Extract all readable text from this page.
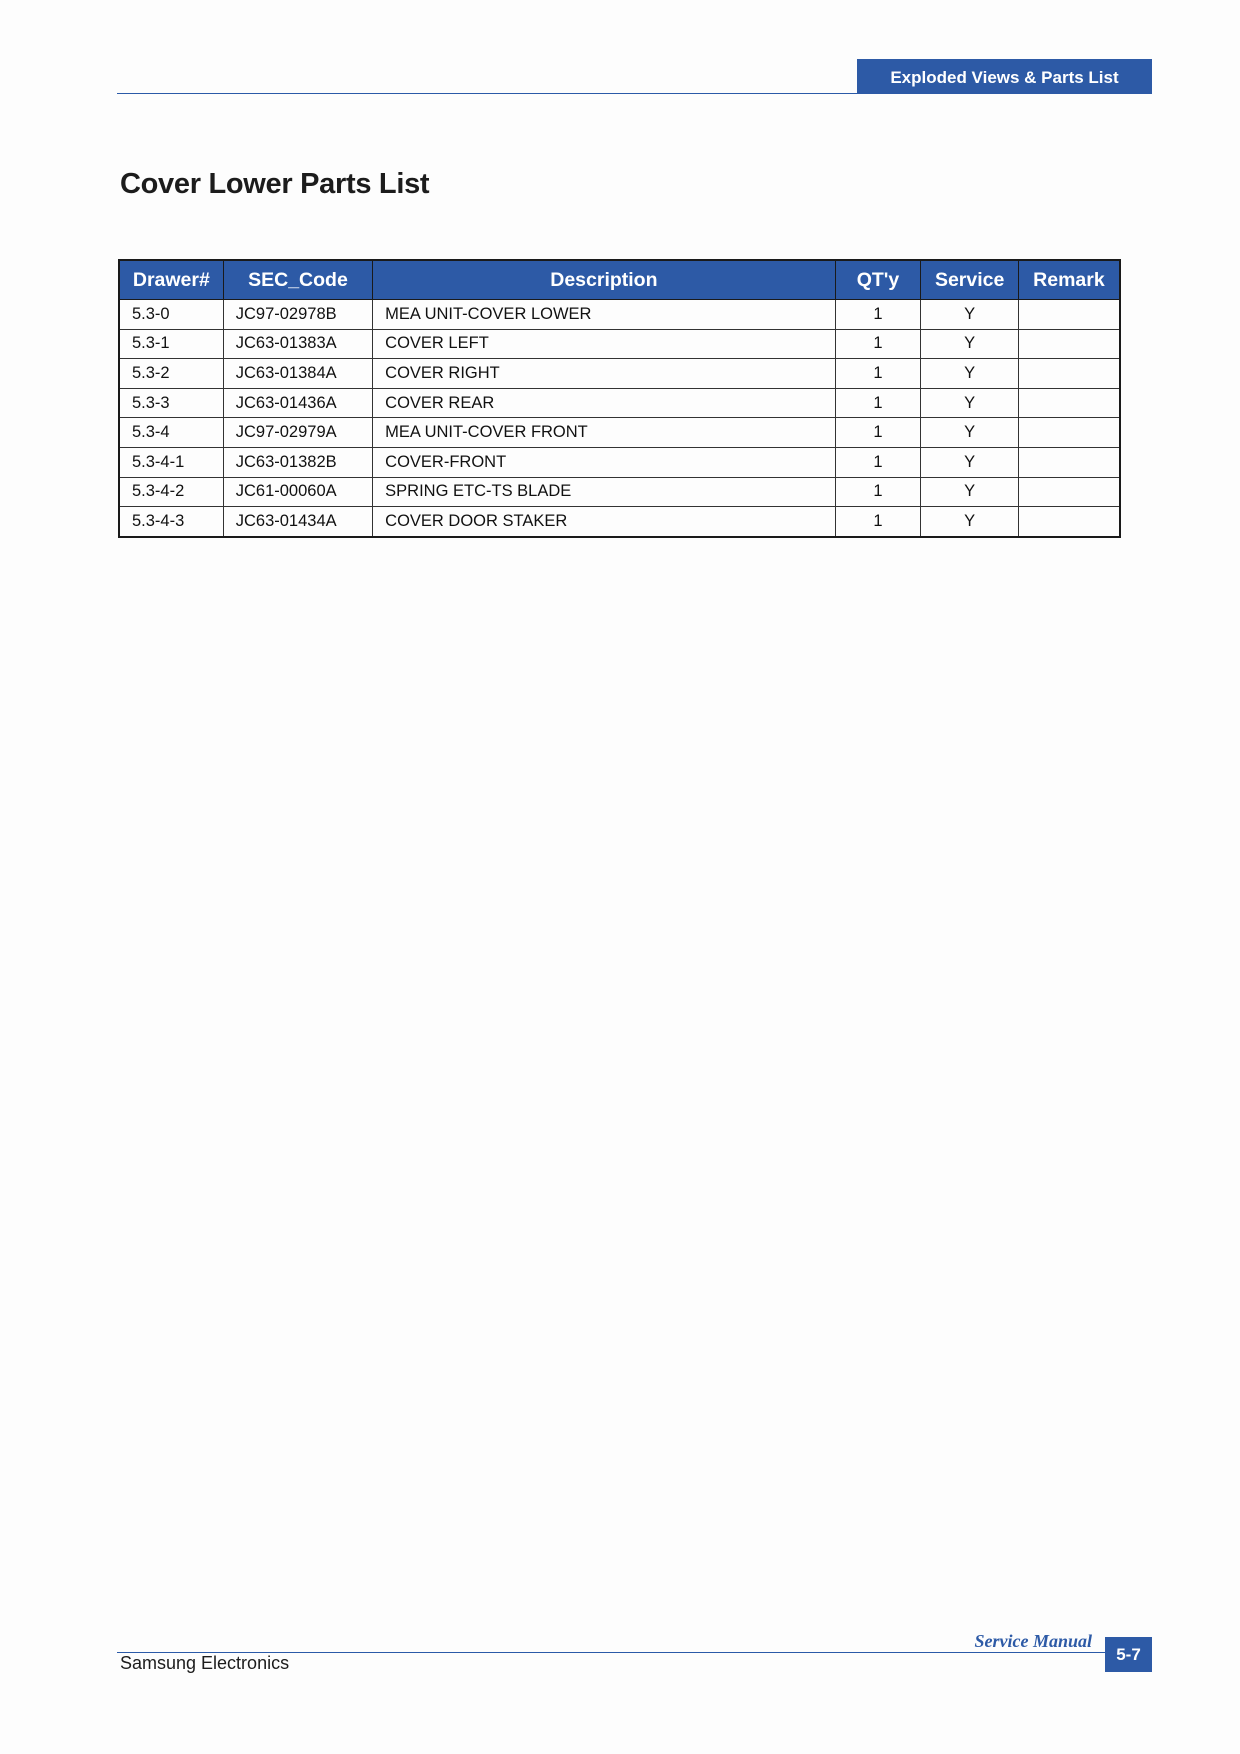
Exploded Views & Parts List
Cover Lower Parts List
Drawer#	SEC_Code	Description	QT'y	Service	Remark
5.3-0	JC97-02978B	MEA UNIT-COVER LOWER	1	Y	
5.3-1	JC63-01383A	COVER LEFT	1	Y	
5.3-2	JC63-01384A	COVER RIGHT	1	Y	
5.3-3	JC63-01436A	COVER REAR	1	Y	
5.3-4	JC97-02979A	MEA UNIT-COVER FRONT	1	Y	
5.3-4-1	JC63-01382B	COVER-FRONT	1	Y	
5.3-4-2	JC61-00060A	SPRING ETC-TS BLADE	1	Y	
5.3-4-3	JC63-01434A	COVER DOOR STAKER	1	Y	
Service Manual
5-7
Samsung Electronics
